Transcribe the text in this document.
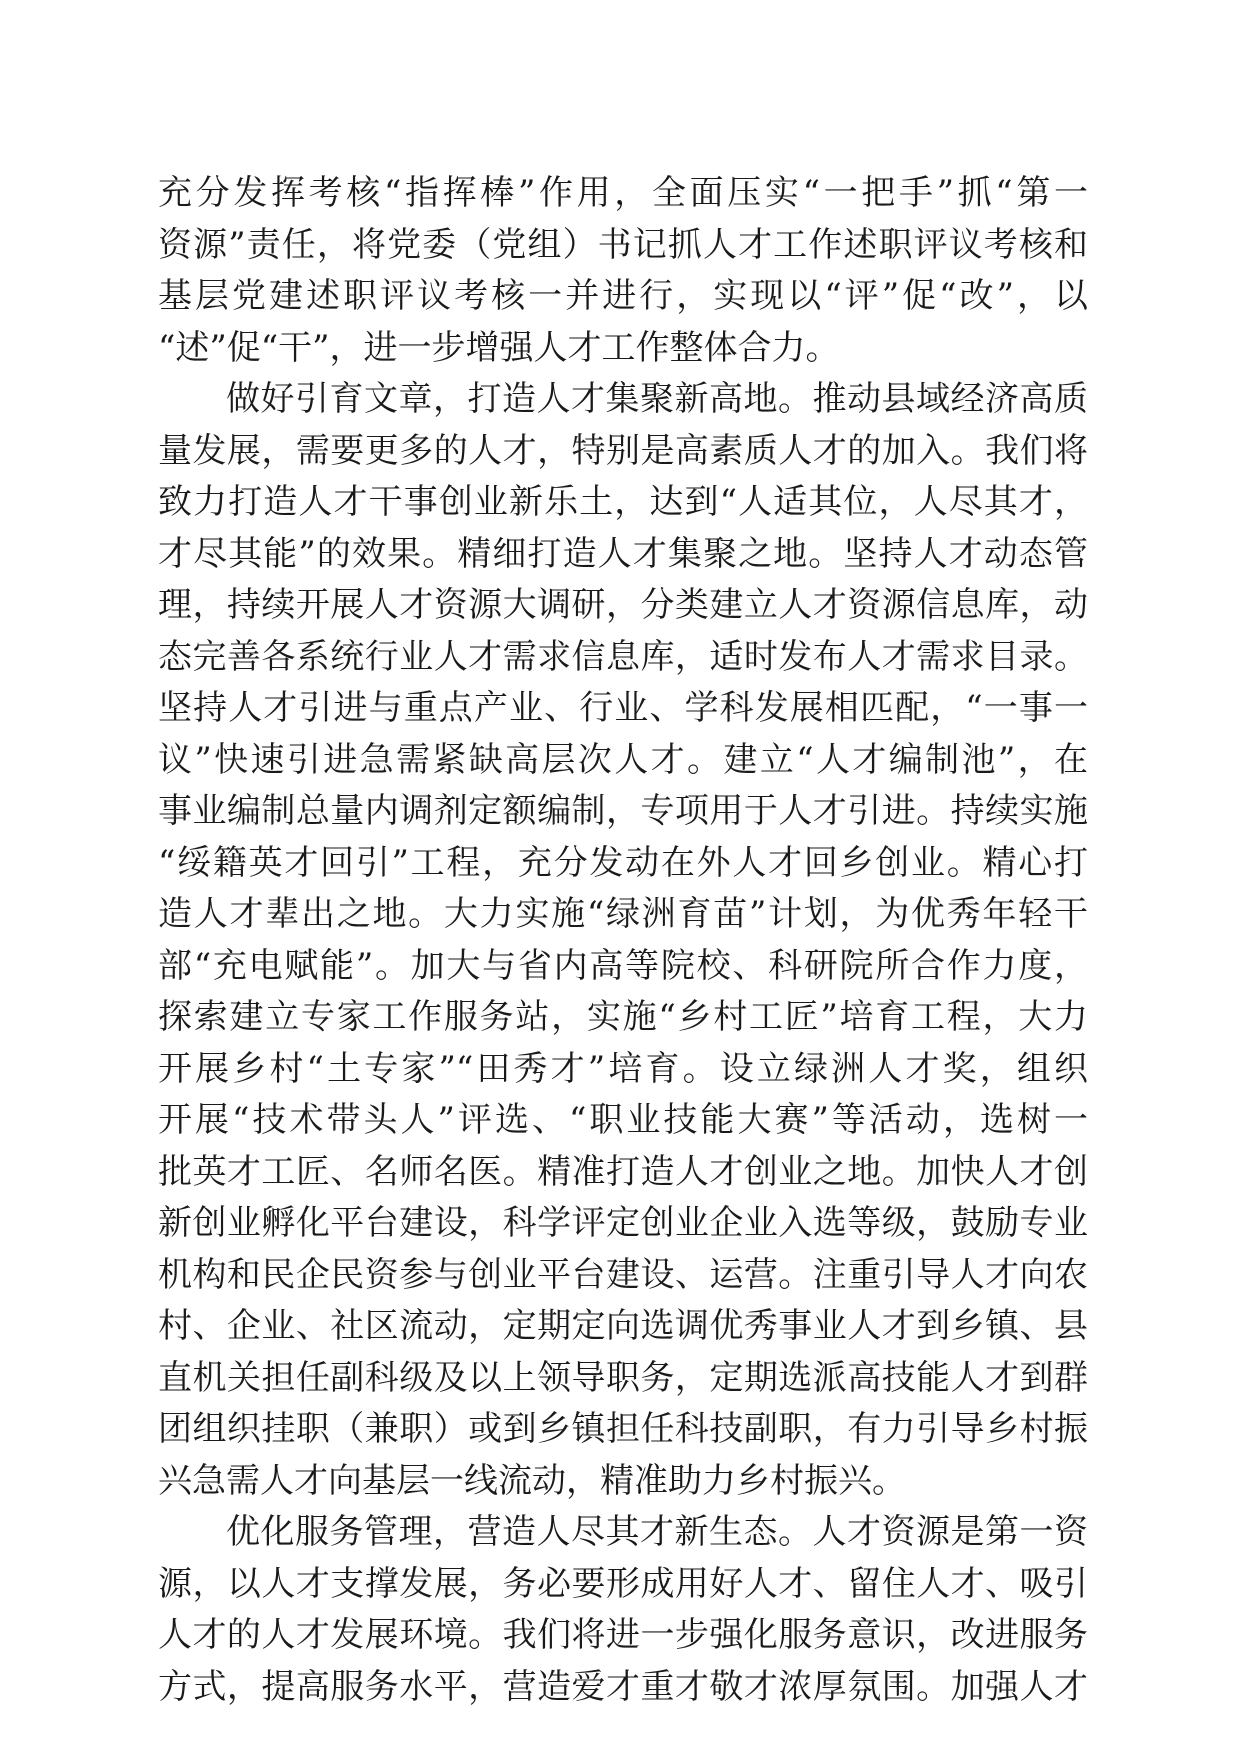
充分发挥考核“指挥棒”作用，全面压实“一把手”抓“第一
资源”责任，将党委（党组）书记抓人才工作述职评议考核和
基层党建述职评议考核一并进行，实现以“评”促“改”，以
“述”促“干”，进一步增强人才工作整体合力。
做好引育文章，打造人才集聚新高地。推动县域经济高质
量发展，需要更多的人才，特别是高素质人才的加入。我们将
致力打造人才干事创业新乐土，达到“人适其位，人尽其才，
才尽其能”的效果。精细打造人才集聚之地。坚持人才动态管
理，持续开展人才资源大调研，分类建立人才资源信息库，动
态完善各系统行业人才需求信息库，适时发布人才需求目录。
坚持人才引进与重点产业、行业、学科发展相匹配，“一事一
议”快速引进急需紧缺高层次人才。建立“人才编制池”，在
事业编制总量内调剂定额编制，专项用于人才引进。持续实施
“绥籍英才回引”工程，充分发动在外人才回乡创业。精心打
造人才辈出之地。大力实施“绿洲育苗”计划，为优秀年轻干
部“充电赋能”。加大与省内高等院校、科研院所合作力度，
探索建立专家工作服务站，实施“乡村工匠”培育工程，大力
开展乡村“土专家”“田秀才”培育。设立绿洲人才奖，组织
开展“技术带头人”评选、“职业技能大赛”等活动，选树一
批英才工匠、名师名医。精准打造人才创业之地。加快人才创
新创业孵化平台建设，科学评定创业企业入选等级，鼓励专业
机构和民企民资参与创业平台建设、运营。注重引导人才向农
村、企业、社区流动，定期定向选调优秀事业人才到乡镇、县
直机关担任副科级及以上领导职务，定期选派高技能人才到群
团组织挂职（兼职）或到乡镇担任科技副职，有力引导乡村振
兴急需人才向基层一线流动，精准助力乡村振兴。
优化服务管理，营造人尽其才新生态。人才资源是第一资
源，以人才支撑发展，务必要形成用好人才、留住人才、吸引
人才的人才发展环境。我们将进一步强化服务意识，改进服务
方式，提高服务水平，营造爱才重才敬才浓厚氛围。加强人才
